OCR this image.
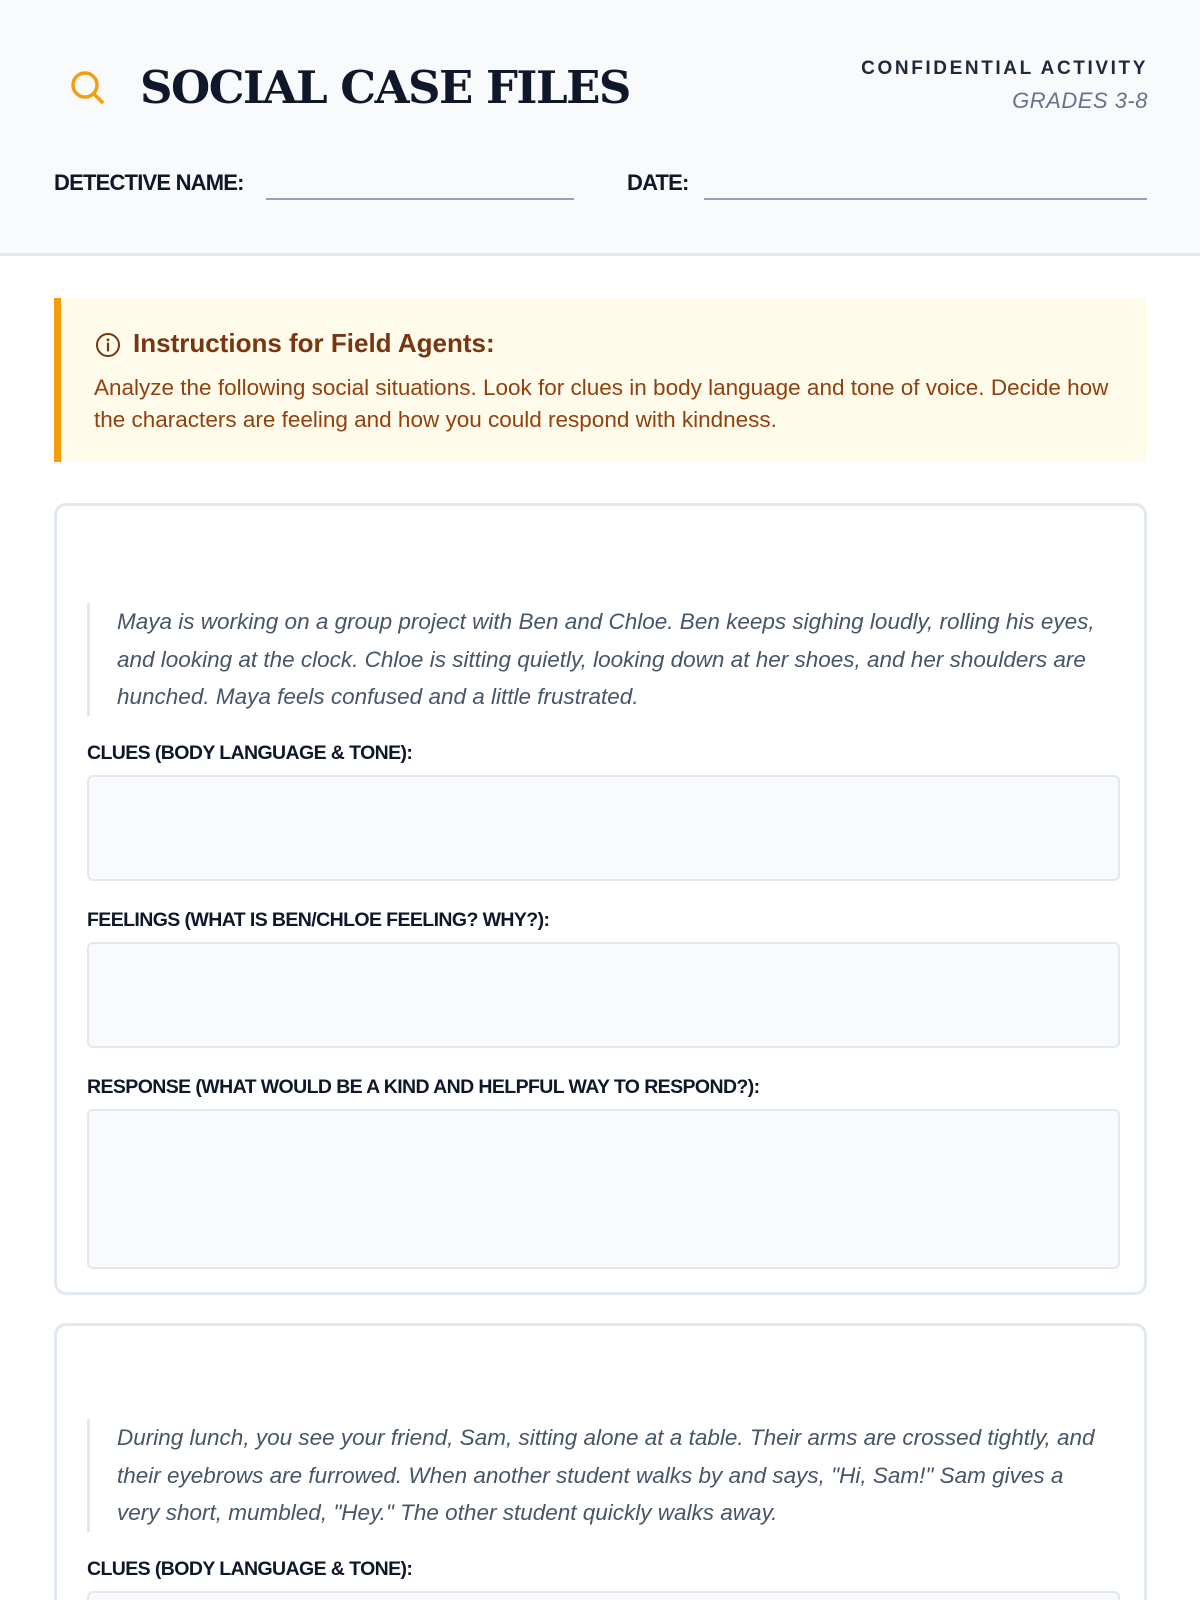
SOCIAL CASE FILES	CONFIDENTIAL ACTIVITY
GRADES 3-8
DETECTIVE NAME:	DATE:
Instructions for Field Agents:
Analyze the following social situations. Look for clues in body language and tone of voice. Decide how the characters are feeling and how you could respond with kindness.
Maya is working on a group project with Ben and Chloe. Ben keeps sighing loudly, rolling his eyes, and looking at the clock. Chloe is sitting quietly, looking down at her shoes, and her shoulders are hunched. Maya feels confused and a little frustrated.
CLUES (BODY LANGUAGE & TONE):
FEELINGS (WHAT IS BEN/CHLOE FEELING? WHY?):
RESPONSE (WHAT WOULD BE A KIND AND HELPFUL WAY TO RESPOND?):
During lunch, you see your friend, Sam, sitting alone at a table. Their arms are crossed tightly, and their eyebrows are furrowed. When another student walks by and says, "Hi, Sam!" Sam gives a very short, mumbled, "Hey." The other student quickly walks away.
CLUES (BODY LANGUAGE & TONE):
